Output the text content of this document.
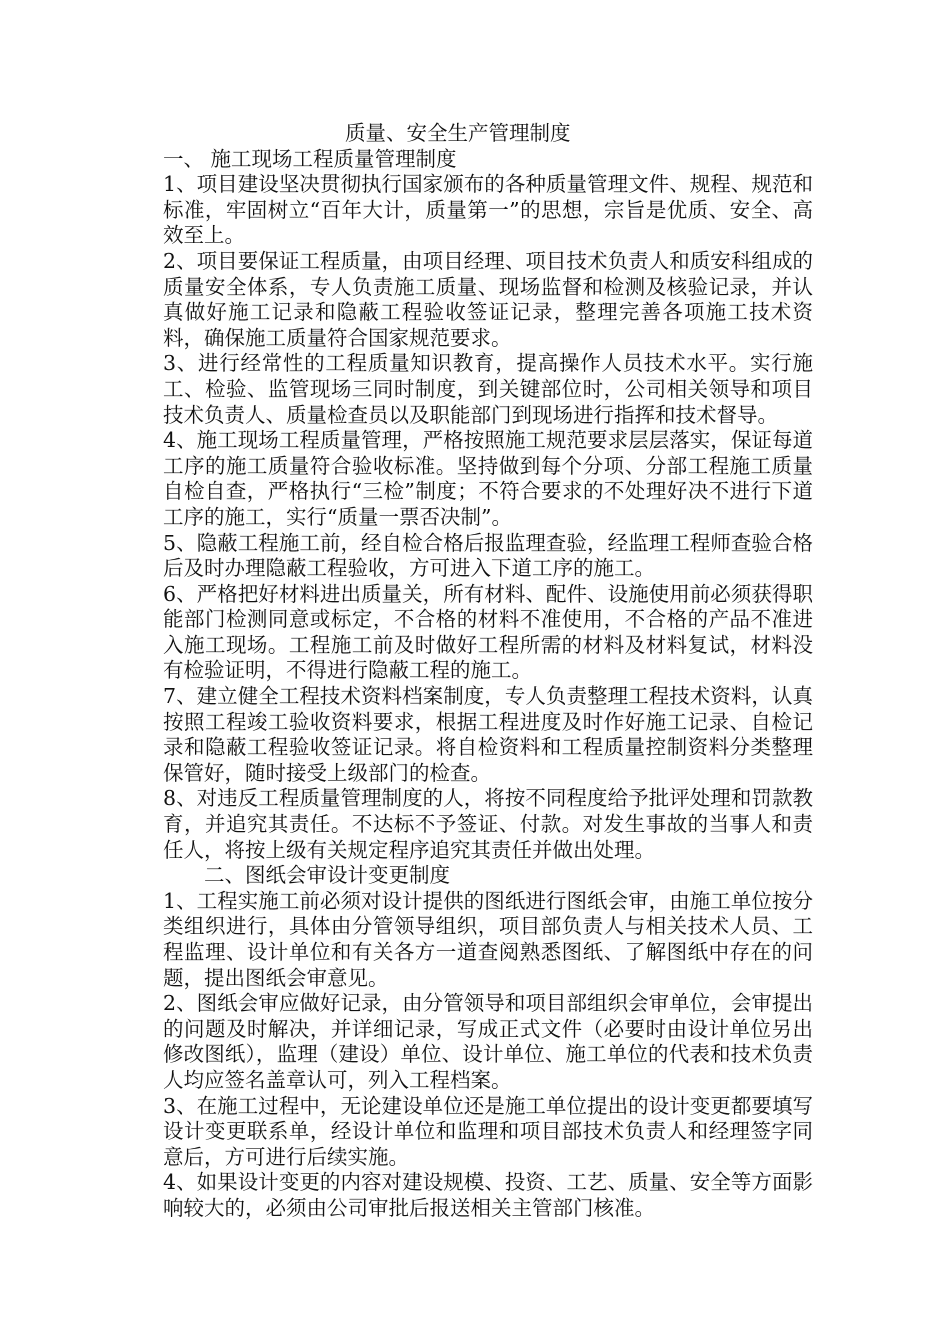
质量、安全生产管理制度
一、 施工现场工程质量管理制度

1、项目建设坚决贯彻执行国家颁布的各种质量管理文件、规程、规范和标准，牢固树立“百年大计，质量第一”的思想，宗旨是优质、安全、高效至上。

2、项目要保证工程质量，由项目经理、项目技术负责人和质安科组成的质量安全体系，专人负责施工质量、现场监督和检测及核验记录，并认真做好施工记录和隐蔽工程验收签证记录，整理完善各项施工技术资料，确保施工质量符合国家规范要求。

3、进行经常性的工程质量知识教育，提高操作人员技术水平。实行施工、检验、监管现场三同时制度，到关键部位时，公司相关领导和项目技术负责人、质量检查员以及职能部门到现场进行指挥和技术督导。

4、施工现场工程质量管理，严格按照施工规范要求层层落实，保证每道工序的施工质量符合验收标准。坚持做到每个分项、分部工程施工质量自检自查，严格执行“三检”制度；不符合要求的不处理好决不进行下道工序的施工，实行“质量一票否决制”。

5、隐蔽工程施工前，经自检合格后报监理查验，经监理工程师查验合格后及时办理隐蔽工程验收，方可进入下道工序的施工。

6、严格把好材料进出质量关，所有材料、配件、设施使用前必须获得职能部门检测同意或标定，不合格的材料不准使用，不合格的产品不准进入施工现场。工程施工前及时做好工程所需的材料及材料复试，材料没有检验证明，不得进行隐蔽工程的施工。

7、建立健全工程技术资料档案制度，专人负责整理工程技术资料，认真按照工程竣工验收资料要求，根据工程进度及时作好施工记录、自检记录和隐蔽工程验收签证记录。将自检资料和工程质量控制资料分类整理保管好，随时接受上级部门的检查。

8、对违反工程质量管理制度的人，将按不同程度给予批评处理和罚款教育，并追究其责任。不达标不予签证、付款。对发生事故的当事人和责任人，将按上级有关规定程序追究其责任并做出处理。

二、图纸会审设计变更制度

1、工程实施工前必须对设计提供的图纸进行图纸会审，由施工单位按分类组织进行，具体由分管领导组织，项目部负责人与相关技术人员、工程监理、设计单位和有关各方一道查阅熟悉图纸、了解图纸中存在的问题，提出图纸会审意见。

2、图纸会审应做好记录，由分管领导和项目部组织会审单位，会审提出的问题及时解决，并详细记录，写成正式文件（必要时由设计单位另出修改图纸），监理（建设）单位、设计单位、施工单位的代表和技术负责人均应签名盖章认可，列入工程档案。

3、在施工过程中，无论建设单位还是施工单位提出的设计变更都要填写设计变更联系单，经设计单位和监理和项目部技术负责人和经理签字同意后，方可进行后续实施。

4、如果设计变更的内容对建设规模、投资、工艺、质量、安全等方面影响较大的，必须由公司审批后报送相关主管部门核准。
